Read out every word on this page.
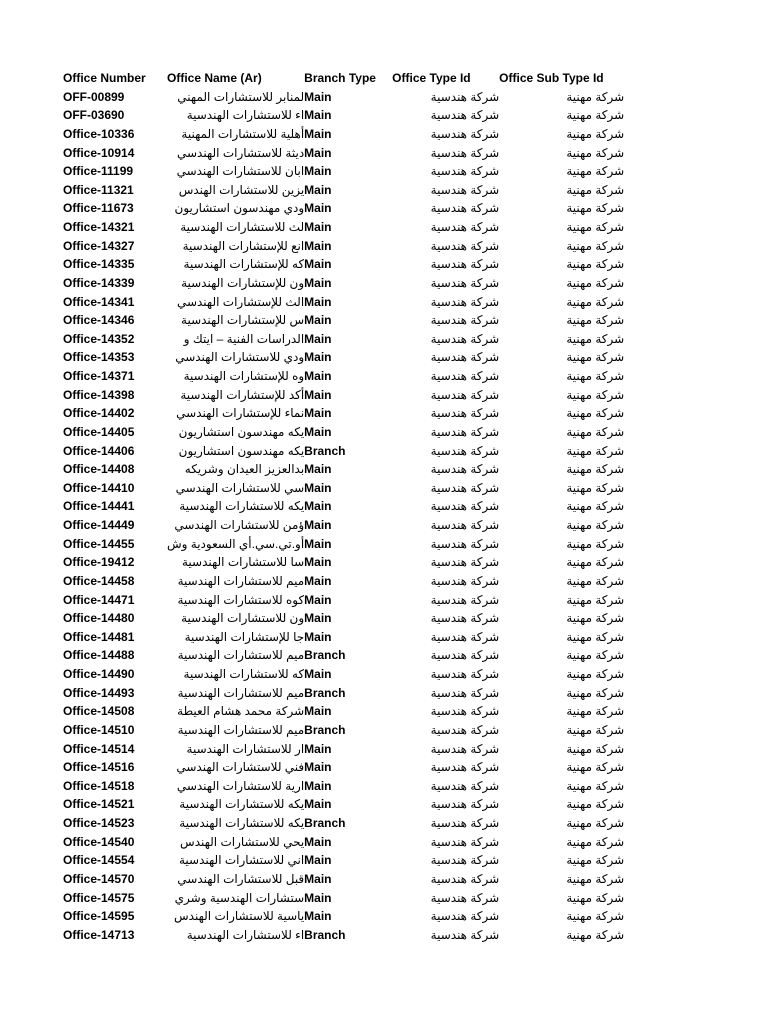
Office Number	Office Name (Ar)	Branch Type	Office Type Id	Office Sub Type Id
OFF-00899	لمنابر للاستشارات المهني	Main	شركة هندسية	شركة مهنية
OFF-03690	اء للاستشارات الهندسية	Main	شركة هندسية	شركة مهنية
Office-10336	أهلية للاستشارات المهنية	Main	شركة هندسية	شركة مهنية
Office-10914	ديثة للاستشارات الهندسي	Main	شركة هندسية	شركة مهنية
Office-11199	ابان للاستشارات الهندسي	Main	شركة هندسية	شركة مهنية
Office-11321	يزين للاستشارات الهندس	Main	شركة هندسية	شركة مهنية
Office-11673	ودي مهندسون استشاريون	Main	شركة هندسية	شركة مهنية
Office-14321	لث للاستشارات الهندسية	Main	شركة هندسية	شركة مهنية
Office-14327	انع للإستشارات الهندسية	Main	شركة هندسية	شركة مهنية
Office-14335	كه للإستشارات الهندسية	Main	شركة هندسية	شركة مهنية
Office-14339	ون للإستشارات الهندسية	Main	شركة هندسية	شركة مهنية
Office-14341	الث للإستشارات الهندسي	Main	شركة هندسية	شركة مهنية
Office-14346	س للإستشارات الهندسية	Main	شركة هندسية	شركة مهنية
Office-14352	الدراسات الفنية – ايتك و	Main	شركة هندسية	شركة مهنية
Office-14353	ودي للاستشارات الهندسي	Main	شركة هندسية	شركة مهنية
Office-14371	وه للإستشارات الهندسية	Main	شركة هندسية	شركة مهنية
Office-14398	أكد للإستشارات الهندسية	Main	شركة هندسية	شركة مهنية
Office-14402	نماء للإستشارات الهندسي	Main	شركة هندسية	شركة مهنية
Office-14405	يكه مهندسون استشاريون	Main	شركة هندسية	شركة مهنية
Office-14406	يكه مهندسون استشاريون	Branch	شركة هندسية	شركة مهنية
Office-14408	بدالعزيز العيدان وشريكه	Main	شركة هندسية	شركة مهنية
Office-14410	سي للاستشارات الهندسي	Main	شركة هندسية	شركة مهنية
Office-14441	يكه للاستشارات الهندسية	Main	شركة هندسية	شركة مهنية
Office-14449	ؤمن للاستشارات الهندسي	Main	شركة هندسية	شركة مهنية
Office-14455	أو.تي.سي.أي السعودية وش	Main	شركة هندسية	شركة مهنية
Office-19412	سا للاستشارات الهندسية	Main	شركة هندسية	شركة مهنية
Office-14458	ميم للاستشارات الهندسية	Main	شركة هندسية	شركة مهنية
Office-14471	كوه للاستشارات الهندسية	Main	شركة هندسية	شركة مهنية
Office-14480	ون للاستشارات الهندسية	Main	شركة هندسية	شركة مهنية
Office-14481	جا للإستشارات الهندسية	Main	شركة هندسية	شركة مهنية
Office-14488	ميم للاستشارات الهندسية	Branch	شركة هندسية	شركة مهنية
Office-14490	كه للاستشارات الهندسية	Main	شركة هندسية	شركة مهنية
Office-14493	ميم للاستشارات الهندسية	Branch	شركة هندسية	شركة مهنية
Office-14508	شركة محمد هشام العيطة	Main	شركة هندسية	شركة مهنية
Office-14510	ميم للاستشارات الهندسية	Branch	شركة هندسية	شركة مهنية
Office-14514	ار للاستشارات الهندسية	Main	شركة هندسية	شركة مهنية
Office-14516	فني للاستشارات الهندسي	Main	شركة هندسية	شركة مهنية
Office-14518	ارية للاستشارات الهندسي	Main	شركة هندسية	شركة مهنية
Office-14521	يكه للاستشارات الهندسية	Main	شركة هندسية	شركة مهنية
Office-14523	يكه للاستشارات الهندسية	Branch	شركة هندسية	شركة مهنية
Office-14540	يحي للاستشارات الهندس	Main	شركة هندسية	شركة مهنية
Office-14554	اني للاستشارات الهندسية	Main	شركة هندسية	شركة مهنية
Office-14570	قبل للاستشارات الهندسي	Main	شركة هندسية	شركة مهنية
Office-14575	ستشارات الهندسية وشري	Main	شركة هندسية	شركة مهنية
Office-14595	ياسية للاستشارات الهندس	Main	شركة هندسية	شركة مهنية
Office-14713	اء للاستشارات الهندسية	Branch	شركة هندسية	شركة مهنية
